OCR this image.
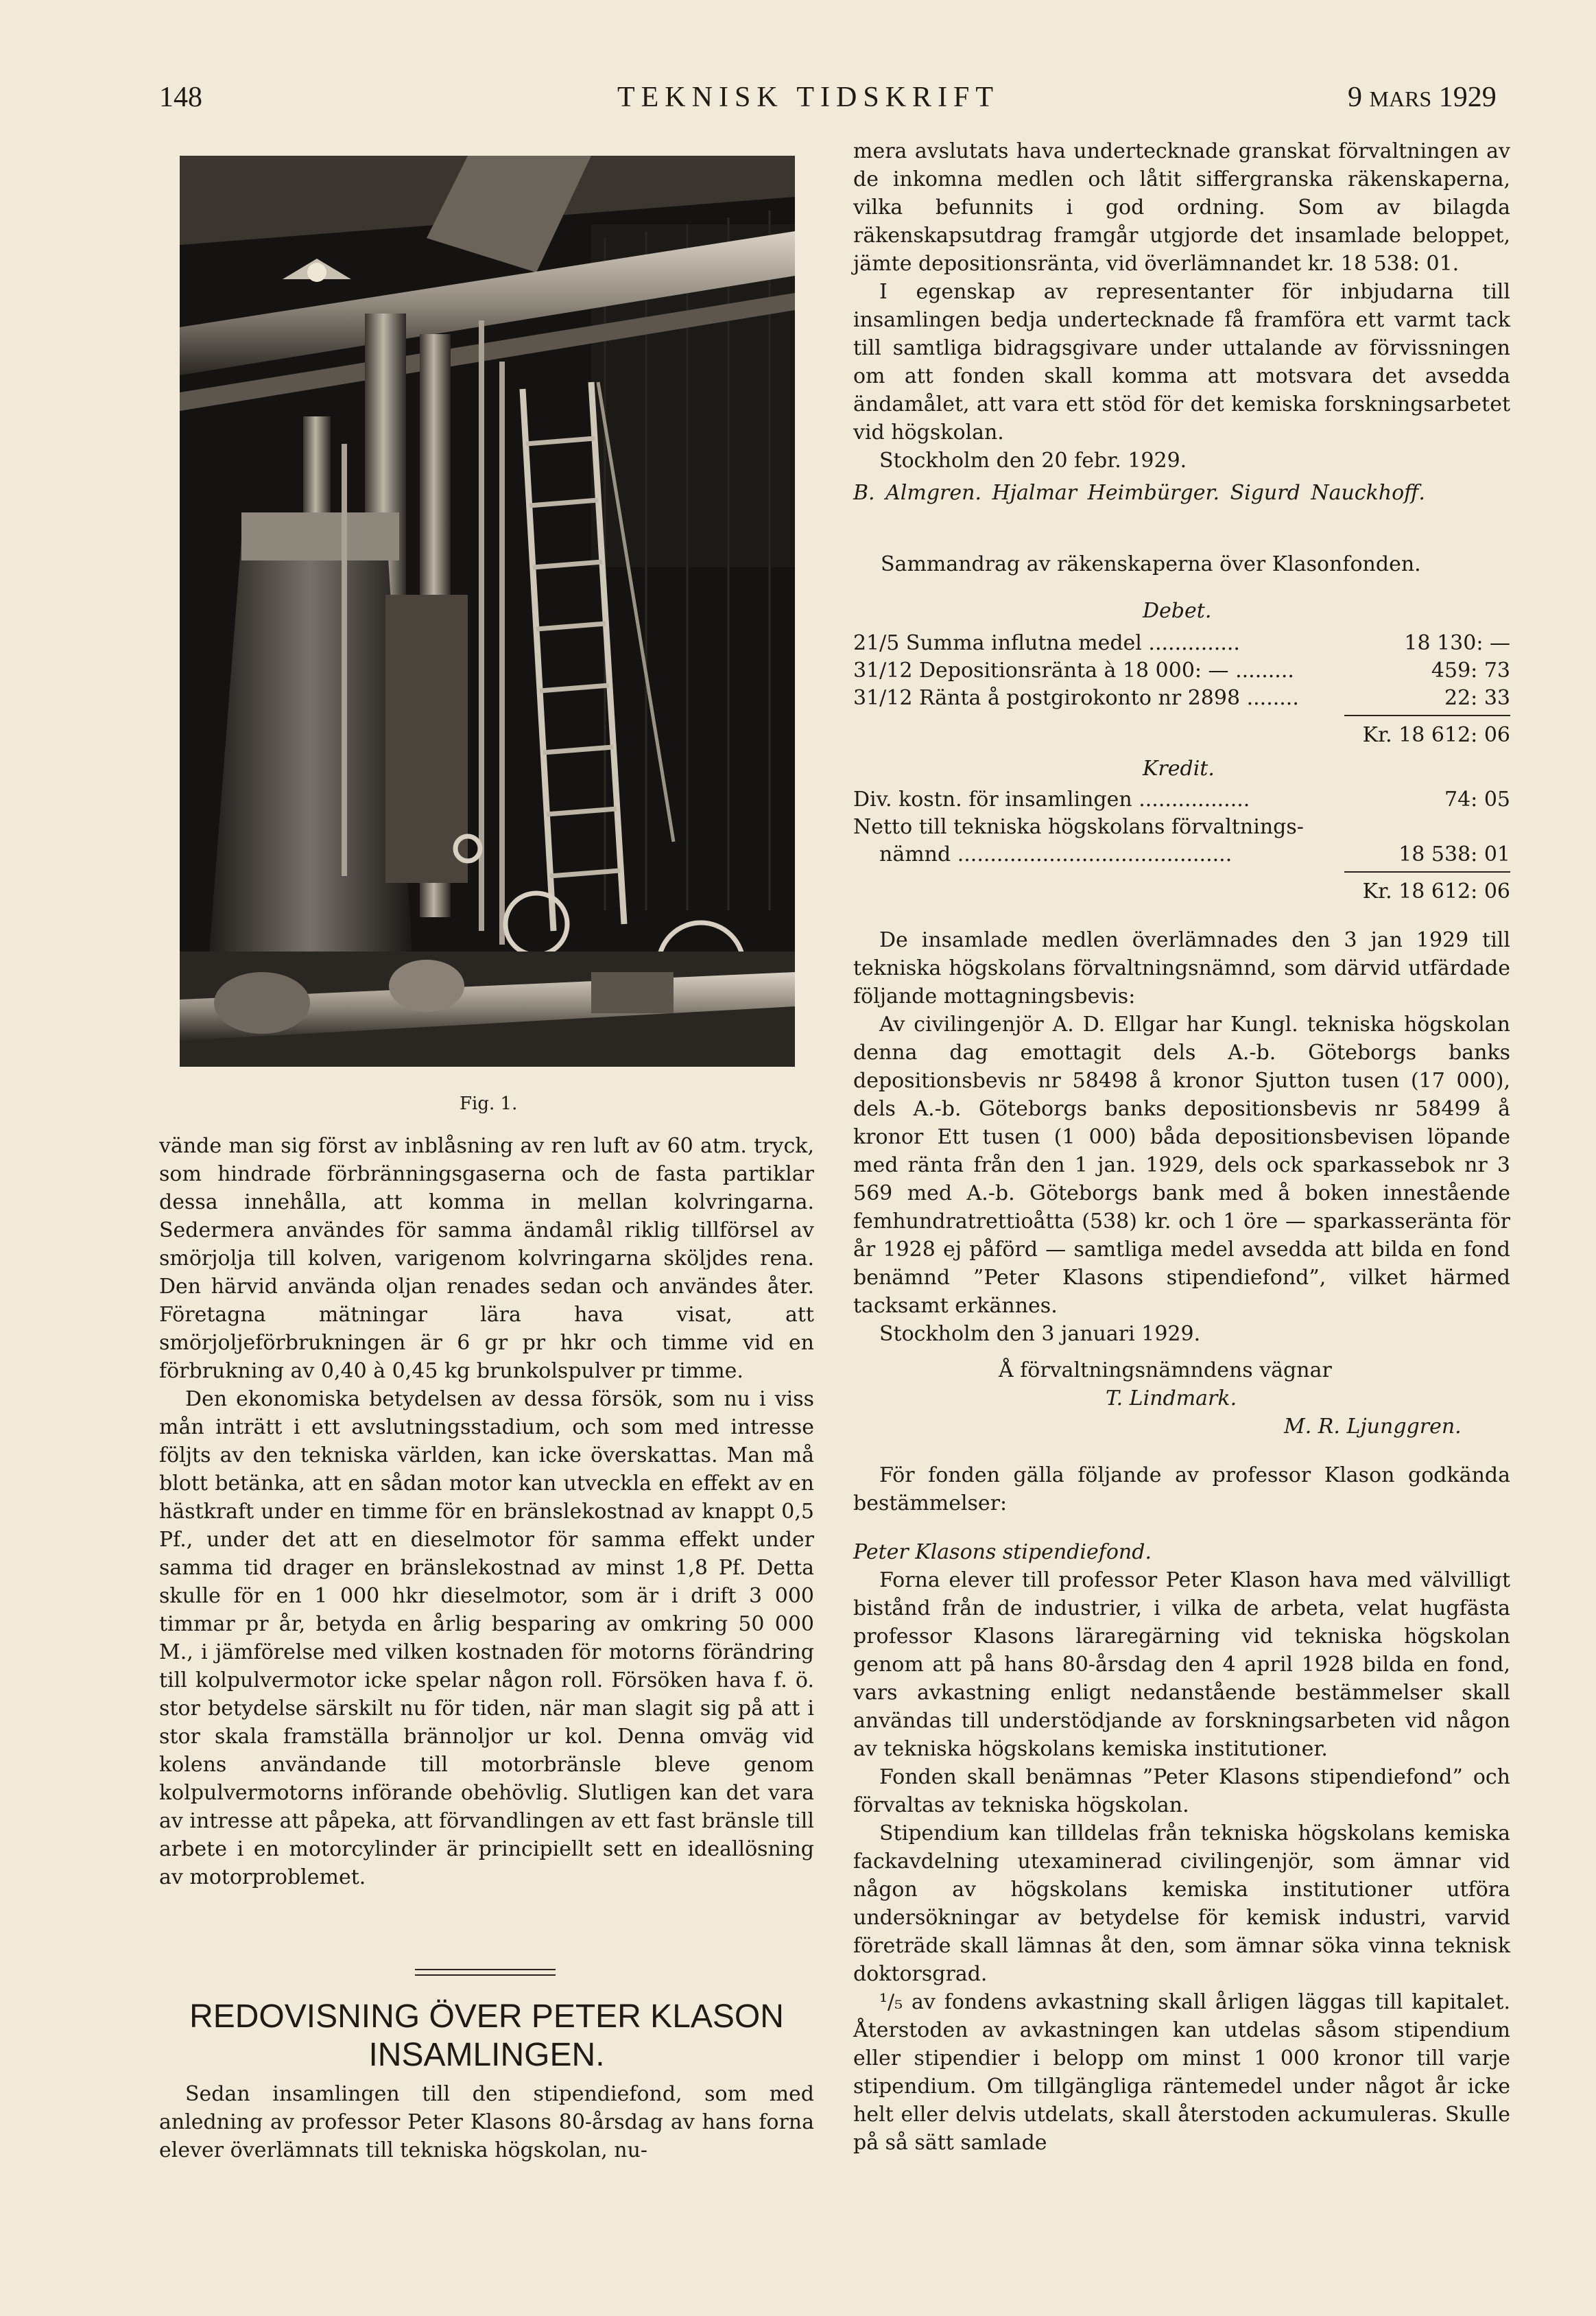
148	TEKNISK TIDSKRIFT	9 MARS 1929
Fig. 1.

vände man sig först av inblåsning av ren luft av 60 atm. tryck, som hindrade förbränningsgaserna och de fasta partiklar dessa innehålla, att komma in mellan kolvringarna. Sedermera användes för samma ändamål riklig tillförsel av smörjolja till kolven, varigenom kolvringarna sköljdes rena. Den härvid använda oljan renades sedan och användes åter. Företagna mätningar lära hava visat, att smörjoljeförbrukningen är 6 gr pr hkr och timme vid en förbrukning av 0,40 à 0,45 kg brunkolspulver pr timme.

Den ekonomiska betydelsen av dessa försök, som nu i viss mån inträtt i ett avslutningsstadium, och som med intresse följts av den tekniska världen, kan icke överskattas. Man må blott betänka, att en sådan motor kan utveckla en effekt av en hästkraft under en timme för en bränslekostnad av knappt 0,5 Pf., under det att en dieselmotor för samma effekt under samma tid drager en bränslekostnad av minst 1,8 Pf. Detta skulle för en 1 000 hkr dieselmotor, som är i drift 3 000 timmar pr år, betyda en årlig besparing av omkring 50 000 M., i jämförelse med vilken kostnaden för motorns förändring till kolpulvermotor icke spelar någon roll. Försöken hava f. ö. stor betydelse särskilt nu för tiden, när man slagit sig på att i stor skala framställa brännoljor ur kol. Denna omväg vid kolens användande till motorbränsle bleve genom kolpulvermotorns införande obehövlig. Slutligen kan det vara av intresse att påpeka, att förvandlingen av ett fast bränsle till arbete i en motorcylinder är principiellt sett en ideallösning av motorproblemet.

REDOVISNING ÖVER PETER KLASON
INSAMLINGEN.

Sedan insamlingen till den stipendiefond, som med anledning av professor Peter Klasons 80-årsdag av hans forna elever överlämnats till tekniska högskolan, nu-

mera avslutats hava undertecknade granskat förvaltningen av de inkomna medlen och låtit siffergranska räkenskaperna, vilka befunnits i god ordning. Som av bilagda räkenskapsutdrag framgår utgjorde det insamlade beloppet, jämte depositionsränta, vid överlämnandet kr. 18 538: 01.

I egenskap av representanter för inbjudarna till insamlingen bedja undertecknade få framföra ett varmt tack till samtliga bidragsgivare under uttalande av förvissningen om att fonden skall komma att motsvara det avsedda ändamålet, att vara ett stöd för det kemiska forskningsarbetet vid högskolan.

Stockholm den 20 febr. 1929.

B. Almgren. Hjalmar Heimbürger. Sigurd Nauckhoff.

Sammandrag av räkenskaperna över Klasonfonden.
Debet.
21/5 Summa influtna medel ..............	18 130: —
31/12 Depositionsränta à 18 000: — .........	459: 73
31/12 Ränta å postgirokonto nr 2898 ........	22: 33
Kr. 18 612: 06
Kredit.
Div. kostn. för insamlingen .................	74: 05
Netto till tekniska högskolans förvaltnings-
nämnd ..........................................	18 538: 01
Kr. 18 612: 06

De insamlade medlen överlämnades den 3 jan 1929 till tekniska högskolans förvaltningsnämnd, som därvid utfärdade följande mottagningsbevis:

Av civilingenjör A. D. Ellgar har Kungl. tekniska högskolan denna dag emottagit dels A.-b. Göteborgs banks depositionsbevis nr 58498 å kronor Sjutton tusen (17 000), dels A.-b. Göteborgs banks depositionsbevis nr 58499 å kronor Ett tusen (1 000) båda depositionsbevisen löpande med ränta från den 1 jan. 1929, dels ock sparkassebok nr 3 569 med A.-b. Göteborgs bank med å boken innestående femhundratrettioåtta (538) kr. och 1 öre — sparkasseränta för år 1928 ej påförd — samtliga medel avsedda att bilda en fond benämnd ”Peter Klasons stipendiefond”, vilket härmed tacksamt erkännes.

Stockholm den 3 januari 1929.

Å förvaltningsnämndens vägnar

T. Lindmark.

M. R. Ljunggren.

För fonden gälla följande av professor Klason godkända bestämmelser:

Peter Klasons stipendiefond.

Forna elever till professor Peter Klason hava med välvilligt bistånd från de industrier, i vilka de arbeta, velat hugfästa professor Klasons läraregärning vid tekniska högskolan genom att på hans 80-årsdag den 4 april 1928 bilda en fond, vars avkastning enligt nedanstående bestämmelser skall användas till understödjande av forskningsarbeten vid någon av tekniska högskolans kemiska institutioner.

Fonden skall benämnas ”Peter Klasons stipendiefond” och förvaltas av tekniska högskolan.

Stipendium kan tilldelas från tekniska högskolans kemiska fackavdelning utexaminerad civilingenjör, som ämnar vid någon av högskolans kemiska institutioner utföra undersökningar av betydelse för kemisk industri, varvid företräde skall lämnas åt den, som ämnar söka vinna teknisk doktorsgrad.

¹/₅ av fondens avkastning skall årligen läggas till kapitalet. Återstoden av avkastningen kan utdelas såsom stipendium eller stipendier i belopp om minst 1 000 kronor till varje stipendium. Om tillgängliga räntemedel under något år icke helt eller delvis utdelats, skall återstoden ackumuleras. Skulle på så sätt samlade
